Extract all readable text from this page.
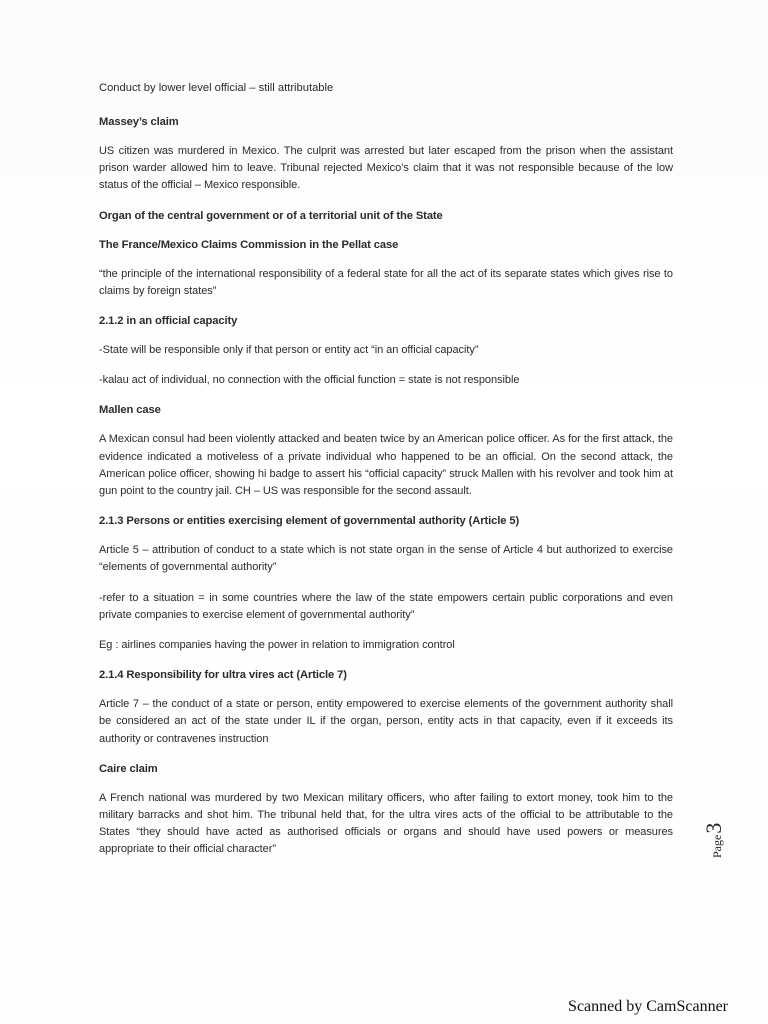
Conduct by lower level official – still attributable

Massey’s claim

US citizen was murdered in Mexico. The culprit was arrested but later escaped from the prison when the assistant prison warder allowed him to leave. Tribunal rejected Mexico’s claim that it was not responsible because of the low status of the official – Mexico responsible.

Organ of the central government or of a territorial unit of the State

The France/Mexico Claims Commission in the Pellat case

“the principle of the international responsibility of a federal state for all the act of its separate states which gives rise to claims by foreign states”

2.1.2 in an official capacity

-State will be responsible only if that person or entity act “in an official capacity”

-kalau act of individual, no connection with the official function = state is not responsible

Mallen case

A Mexican consul had been violently attacked and beaten twice by an American police officer. As for the first attack, the evidence indicated a motiveless of a private individual who happened to be an official. On the second attack, the American police officer, showing hi badge to assert his “official capacity” struck Mallen with his revolver and took him at gun point to the country jail. CH – US was responsible for the second assault.

2.1.3 Persons or entities exercising element of governmental authority (Article 5)

Article 5 – attribution of conduct to a state which is not state organ in the sense of Article 4 but authorized to exercise “elements of governmental authority”

-refer to a situation = in some countries where the law of the state empowers certain public corporations and even private companies to exercise element of governmental authority”

Eg : airlines companies having the power in relation to immigration control

2.1.4 Responsibility for ultra vires act (Article 7)

Article 7 – the conduct of a state or person, entity empowered to exercise elements of the government authority shall be considered an act of the state under IL if the organ, person, entity acts in that capacity, even if it exceeds its authority or contravenes instruction

Caire claim

A French national was murdered by two Mexican military officers, who after failing to extort money, took him to the military barracks and shot him. The tribunal held that, for the ultra vires acts of the official to be attributable to the States “they should have acted as authorised officials or organs and should have used powers or measures appropriate to their official character”	Page
3
Scanned by CamScanner
